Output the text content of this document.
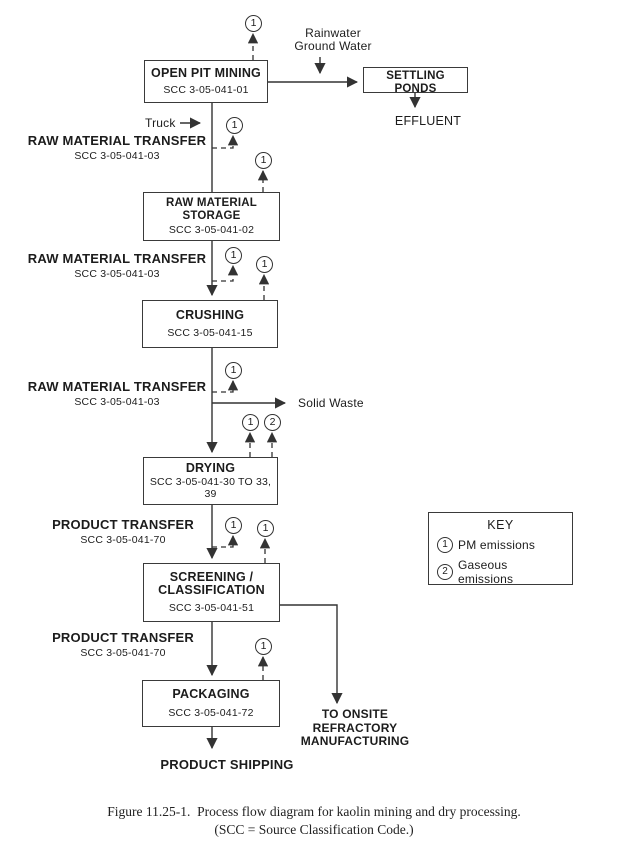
OPEN PIT MINING
SCC 3-05-041-01
SETTLING PONDS
RAW MATERIAL STORAGE
SCC 3-05-041-02
CRUSHING
SCC 3-05-041-15
DRYING
SCC 3-05-041-30 TO 33, 39
SCREENING /
CLASSIFICATION
SCC 3-05-041-51
PACKAGING
SCC 3-05-041-72
1
1
1
1
1
1
1	2
1	1
1
RAW MATERIAL TRANSFER
SCC 3-05-041-03
RAW MATERIAL TRANSFER
SCC 3-05-041-03
RAW MATERIAL TRANSFER
SCC 3-05-041-03
PRODUCT TRANSFER
SCC 3-05-041-70
PRODUCT TRANSFER
SCC 3-05-041-70
Rainwater
Ground Water
EFFLUENT
Truck
Solid Waste
PRODUCT SHIPPING
TO ONSITE
REFRACTORY
MANUFACTURING
KEY
1 PM emissions
2 Gaseous emissions
Figure 11.25-1.  Process flow diagram for kaolin mining and dry processing.
(SCC = Source Classification Code.)
